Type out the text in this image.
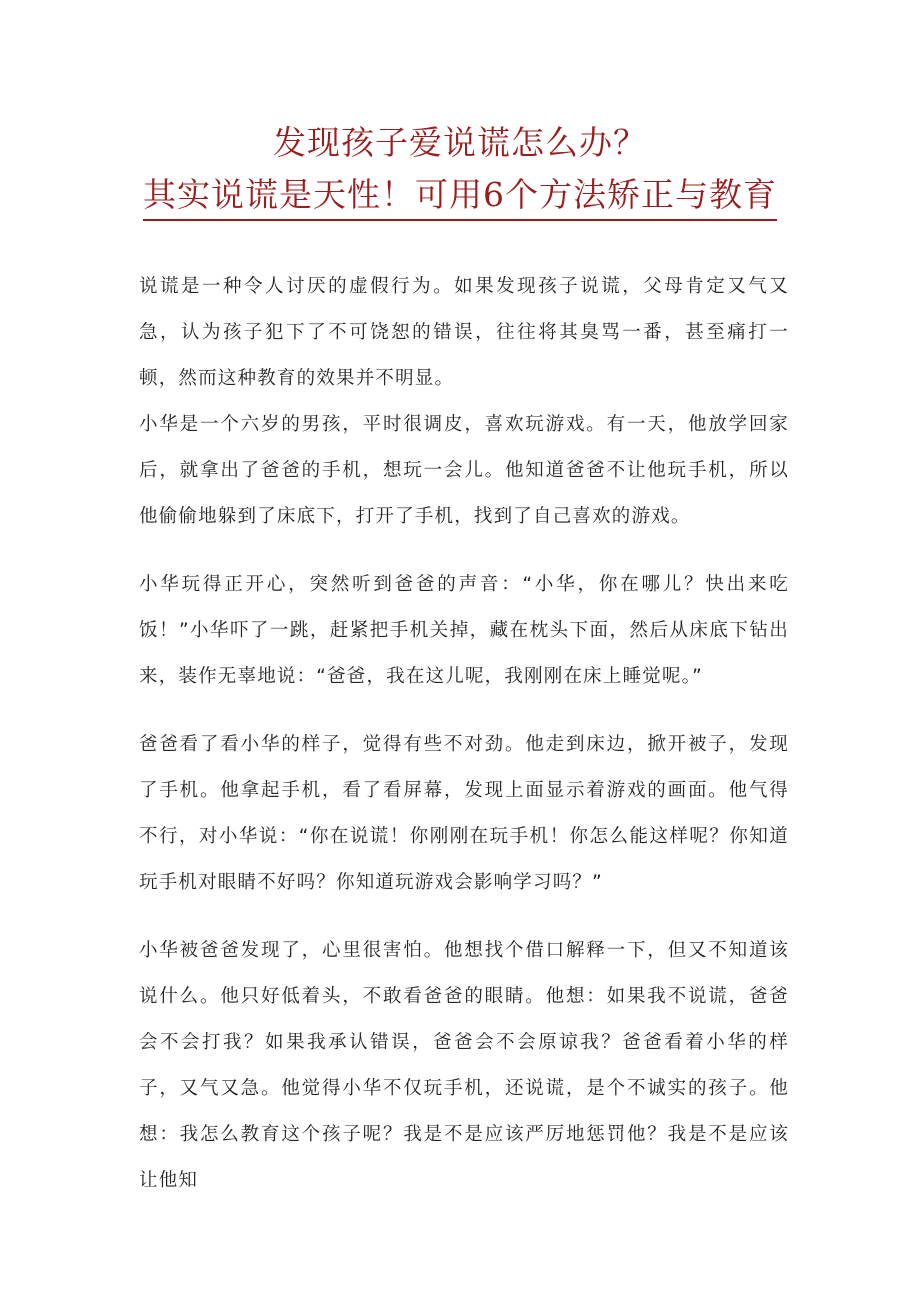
发现孩子爱说谎怎么办？
其实说谎是天性！可用6个方法矫正与教育

说谎是一种令人讨厌的虚假行为。如果发现孩子说谎，父母肯定又气又急，认为孩子犯下了不可饶恕的错误，往往将其臭骂一番，甚至痛打一顿，然而这种教育的效果并不明显。

小华是一个六岁的男孩，平时很调皮，喜欢玩游戏。有一天，他放学回家后，就拿出了爸爸的手机，想玩一会儿。他知道爸爸不让他玩手机，所以他偷偷地躲到了床底下，打开了手机，找到了自己喜欢的游戏。

小华玩得正开心，突然听到爸爸的声音：“小华，你在哪儿？快出来吃饭！”小华吓了一跳，赶紧把手机关掉，藏在枕头下面，然后从床底下钻出来，装作无辜地说：“爸爸，我在这儿呢，我刚刚在床上睡觉呢。”

爸爸看了看小华的样子，觉得有些不对劲。他走到床边，掀开被子，发现了手机。他拿起手机，看了看屏幕，发现上面显示着游戏的画面。他气得不行，对小华说：“你在说谎！你刚刚在玩手机！你怎么能这样呢？你知道玩手机对眼睛不好吗？你知道玩游戏会影响学习吗？”

小华被爸爸发现了，心里很害怕。他想找个借口解释一下，但又不知道该说什么。他只好低着头，不敢看爸爸的眼睛。他想：如果我不说谎，爸爸会不会打我？如果我承认错误，爸爸会不会原谅我？爸爸看着小华的样子，又气又急。他觉得小华不仅玩手机，还说谎，是个不诚实的孩子。他想：我怎么教育这个孩子呢？我是不是应该严厉地惩罚他？我是不是应该让他知
